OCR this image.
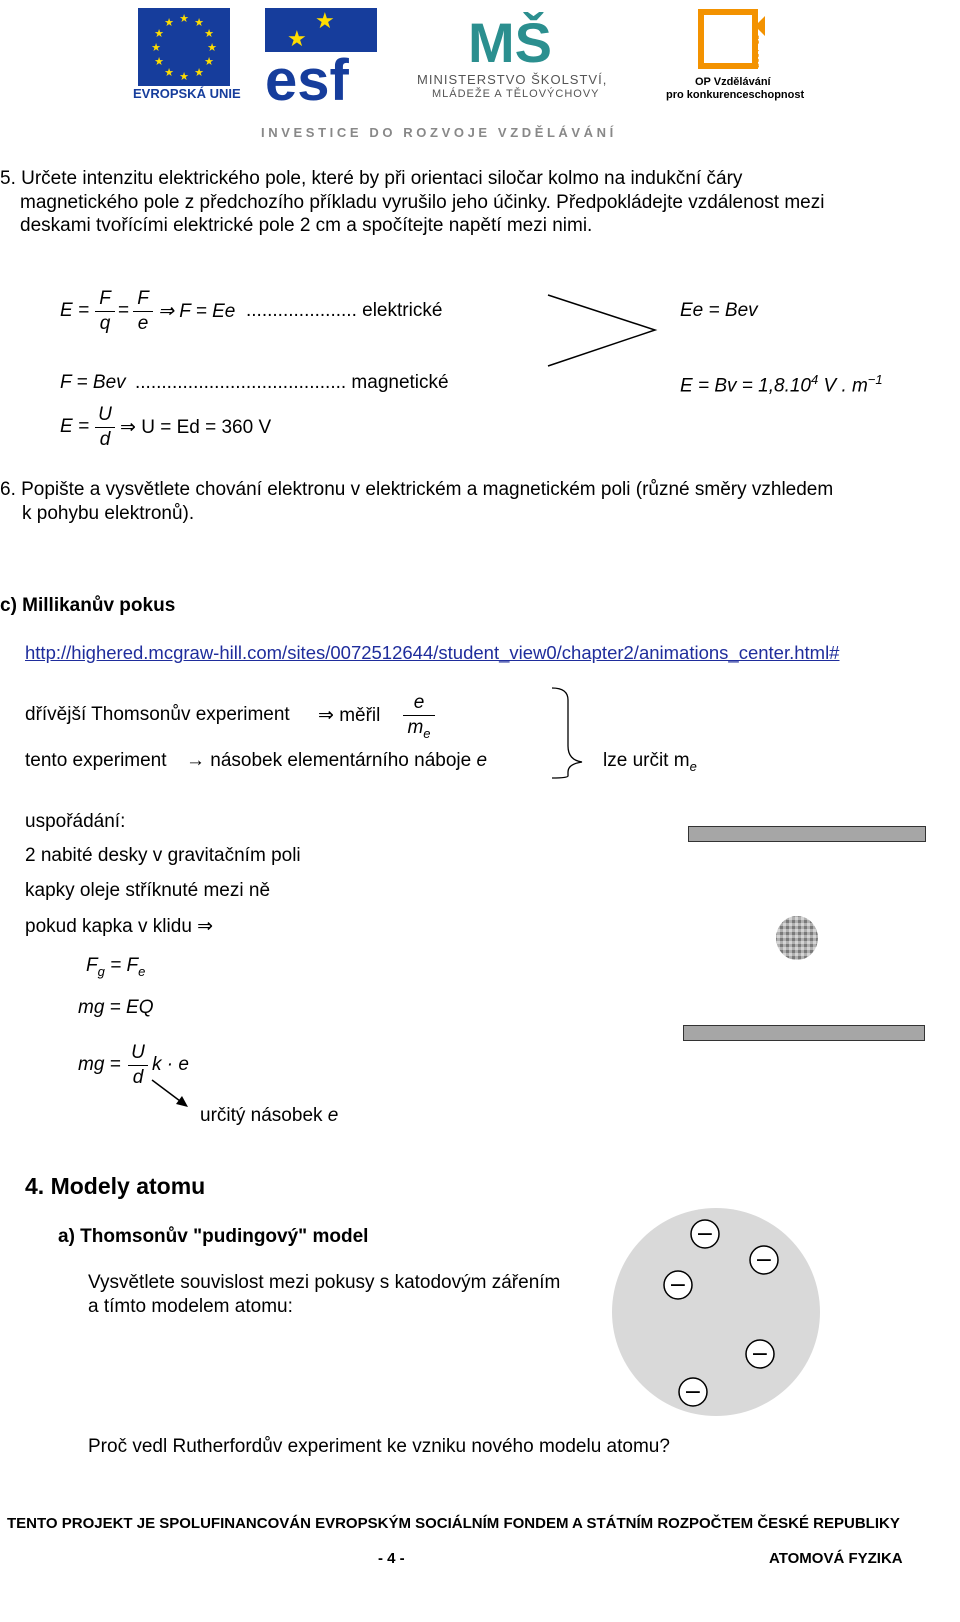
★ ★
★
★
★
★
★
★
★
★
★
★
EVROPSKÁ UNIE
★
★
esf
MŠ
MINISTERSTVO ŠKOLSTVÍ,
MLÁDEŽE A TĚLOVÝCHOVY
2007-13
OP Vzdělávání
pro konkurenceschopnost
I N V E S T I C E   D O   R O Z V O J E   V Z D Ě L Á V Á N Í
5. Určete intenzitu elektrického pole, které by při orientaci siločar kolmo na indukční čáry
magnetického pole z předchozího příkladu vyrušilo jeho účinky. Předpokládejte vzdálenost mezi
deskami tvořícími elektrické pole 2 cm a spočítejte napětí mezi nimi.
E =
F
q
=
F
e
⇒ F = Ee ..................... elektrické	Ee = Bev
F = Bev ........................................ magnetické	$E = Bv = 1,8.10^4$ V . $m^{-1}$
E =
U
d
⇒ U = Ed = 360 V
6. Popište a vysvětlete chování elektronu v elektrickém a magnetickém poli (různé směry vzhledem
k pohybu elektronů).
c) Millikanův pokus
http://highered.mcgraw-hill.com/sites/0072512644/student_view0/chapter2/animations_center.html#
dřívější Thomsonův experiment ⇒ měřil
e
$m_e$
tento experiment → násobek elementárního náboje e	lze určit $m_e$
uspořádání:
2 nabité desky v gravitačním poli
kapky oleje stříknuté mezi ně
pokud kapka v klidu ⇒
$F_g = F_e$
mg = EQ
mg =
U
d
k · e
určitý násobek e
4. Modely atomu
a) Thomsonův "pudingový" model
Vysvětlete souvislost mezi pokusy s katodovým zářením
a tímto modelem atomu:
−
−
−
−
−
Proč vedl Rutherfordův experiment ke vzniku nového modelu atomu?
TENTO PROJEKT JE SPOLUFINANCOVÁN EVROPSKÝM SOCIÁLNÍM FONDEM A STÁTNÍM ROZPOČTEM ČESKÉ REPUBLIKY
- 4 -	ATOMOVÁ FYZIKA
